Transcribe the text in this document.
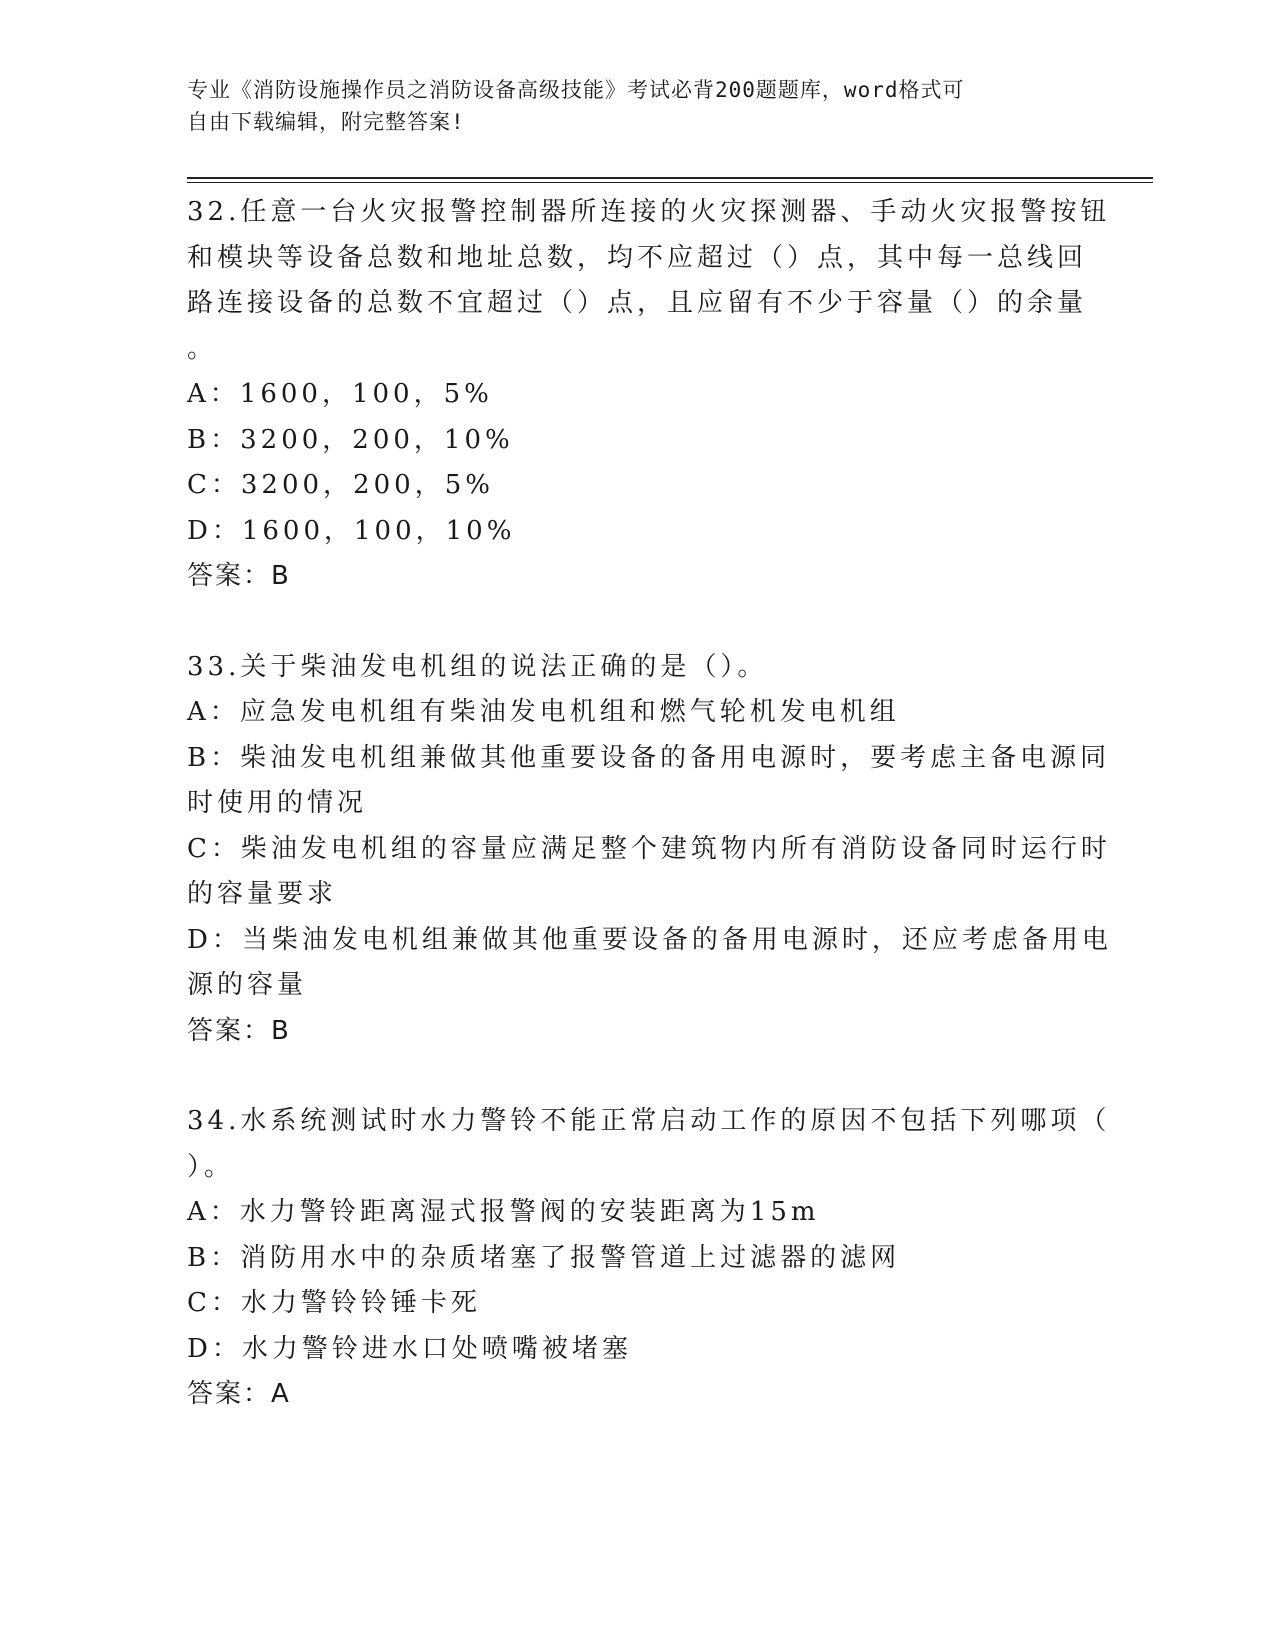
专业《消防设施操作员之消防设备高级技能》考试必背200题题库，word格式可

自由下载编辑，附完整答案!

32.任意一台火灾报警控制器所连接的火灾探测器、手动火灾报警按钮

和模块等设备总数和地址总数，均不应超过（）点，其中每一总线回

路连接设备的总数不宜超过（）点，且应留有不少于容量（）的余量

。

A：1600，100，5%

B：3200，200，10%

C：3200，200，5%

D：1600，100，10%

答案：B

33.关于柴油发电机组的说法正确的是（）。

A：应急发电机组有柴油发电机组和燃气轮机发电机组

B：柴油发电机组兼做其他重要设备的备用电源时，要考虑主备电源同

时使用的情况

C：柴油发电机组的容量应满足整个建筑物内所有消防设备同时运行时

的容量要求

D：当柴油发电机组兼做其他重要设备的备用电源时，还应考虑备用电

源的容量

答案：B

34.水系统测试时水力警铃不能正常启动工作的原因不包括下列哪项（

）。

A：水力警铃距离湿式报警阀的安装距离为15m

B：消防用水中的杂质堵塞了报警管道上过滤器的滤网

C：水力警铃铃锤卡死

D：水力警铃进水口处喷嘴被堵塞

答案：A
